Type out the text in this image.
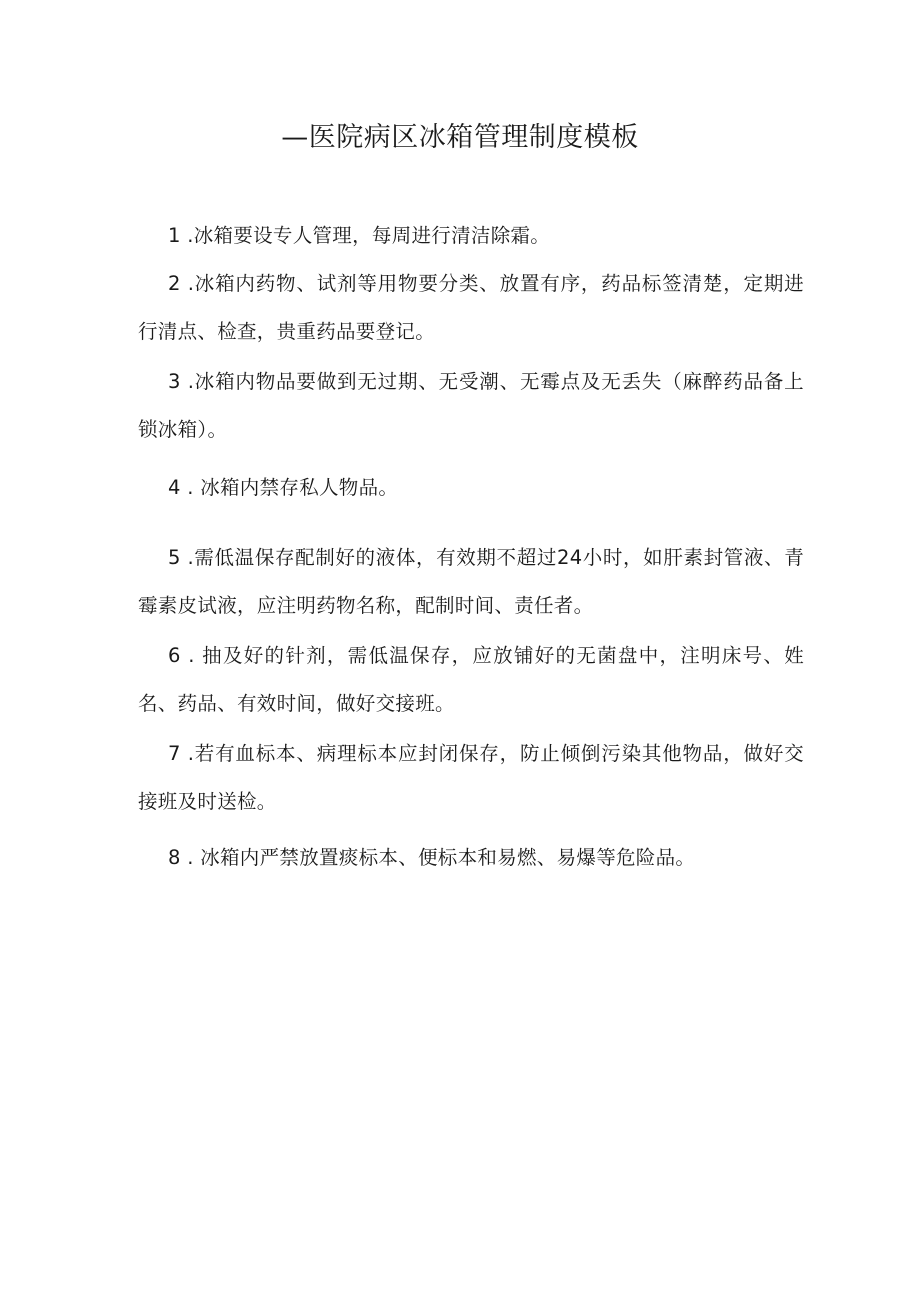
—医院病区冰箱管理制度模板

1 .冰箱要设专人管理，每周进行清洁除霜。

2 .冰箱内药物、试剂等用物要分类、放置有序，药品标签清楚，定期进行清点、检查，贵重药品要登记。

3 .冰箱内物品要做到无过期、无受潮、无霉点及无丢失（麻醉药品备上锁冰箱）。

4 . 冰箱内禁存私人物品。

5 .需低温保存配制好的液体，有效期不超过24小时，如肝素封管液、青霉素皮试液，应注明药物名称，配制时间、责任者。

6 . 抽及好的针剂，需低温保存，应放铺好的无菌盘中，注明床号、姓名、药品、有效时间，做好交接班。

7 .若有血标本、病理标本应封闭保存，防止倾倒污染其他物品，做好交接班及时送检。

8 . 冰箱内严禁放置痰标本、便标本和易燃、易爆等危险品。
